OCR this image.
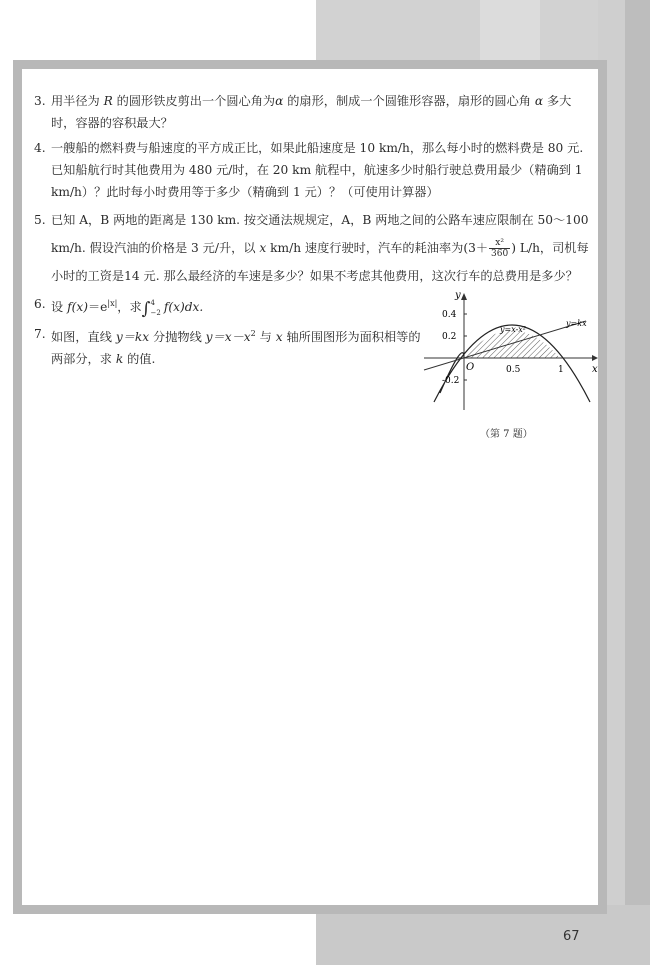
3. 用半径为 R 的圆形铁皮剪出一个圆心角为α 的扇形，制成一个圆锥形容器，扇形的圆心角 α 多大时，容器的容积最大？
4. 一艘船的燃料费与船速度的平方成正比，如果此船速度是 10 km/h，那么每小时的燃料费是 80 元. 已知船航行时其他费用为 480 元/时，在 20 km 航程中，航速多少时船行驶总费用最少（精确到 1 km/h）？此时每小时费用等于多少（精确到 1 元）？（可使用计算器）
5. 已知 A，B 两地的距离是 130 km. 按交通法规规定，A，B 两地之间的公路车速应限制在 50～100 km/h. 假设汽油的价格是 3 元/升，以 x km/h 速度行驶时，汽车的耗油率为($3+ \frac{\text{x²}}{360}$ ) L/h，司机每小时的工资是14 元. 那么最经济的车速是多少？如果不考虑其他费用，这次行车的总费用是多少？
6. 设 $f(x)=e^{|x|}$，求∫ 4
−2 f(x)dx.
7. 如图，直线 y＝kx 分抛物线 $y=x-x^2$ 与 x 轴所围图形为面积相等的两部分，求 k 的值.
y
x
O
0.4
0.2
-0.2
0.5	1
y=x-x²
y=kx
（第 7 题）
67
